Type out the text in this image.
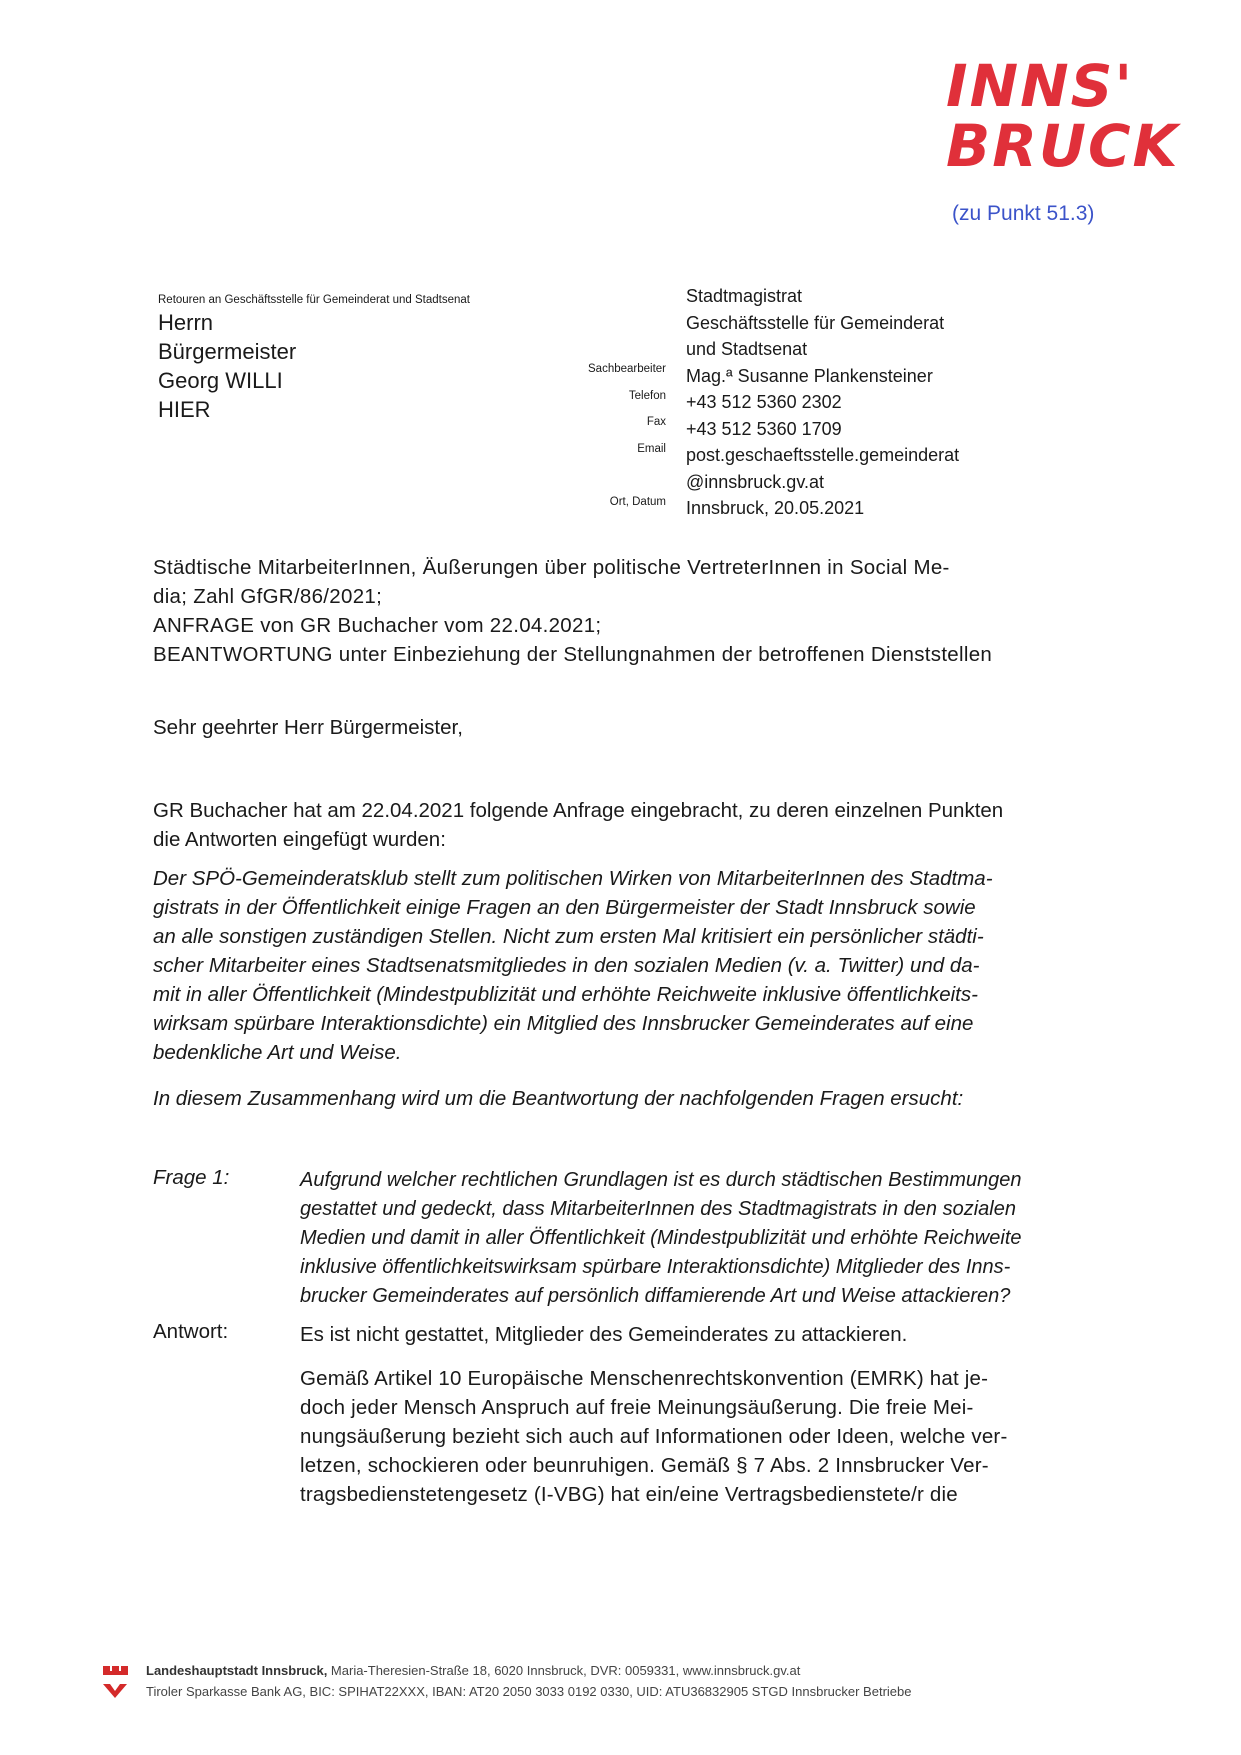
INNS'
BRUCK
(zu Punkt 51.3)
Retouren an Geschäftsstelle für Gemeinderat und Stadtsenat
Herrn
Bürgermeister
Georg WILLI
HIER
Sachbearbeiter
Telefon
Fax
Email

Ort, Datum
Stadtmagistrat
Geschäftsstelle für Gemeinderat
und Stadtsenat
Mag.ª Susanne Plankensteiner
+43 512 5360 2302
+43 512 5360 1709
post.geschaeftsstelle.gemeinderat
@innsbruck.gv.at
Innsbruck, 20.05.2021
Städtische MitarbeiterInnen, Äußerungen über politische VertreterInnen in Social Me-
dia; Zahl GfGR/86/2021;
ANFRAGE von GR Buchacher vom 22.04.2021;
BEANTWORTUNG unter Einbeziehung der Stellungnahmen der betroffenen Dienststellen
Sehr geehrter Herr Bürgermeister,
GR Buchacher hat am 22.04.2021 folgende Anfrage eingebracht, zu deren einzelnen Punkten
die Antworten eingefügt wurden:
Der SPÖ-Gemeinderatsklub stellt zum politischen Wirken von MitarbeiterInnen des Stadtma-
gistrats in der Öffentlichkeit einige Fragen an den Bürgermeister der Stadt Innsbruck sowie
an alle sonstigen zuständigen Stellen. Nicht zum ersten Mal kritisiert ein persönlicher städti-
scher Mitarbeiter eines Stadtsenatsmitgliedes in den sozialen Medien (v. a. Twitter) und da-
mit in aller Öffentlichkeit (Mindestpublizität und erhöhte Reichweite inklusive öffentlichkeits-
wirksam spürbare Interaktionsdichte) ein Mitglied des Innsbrucker Gemeinderates auf eine
bedenkliche Art und Weise.
In diesem Zusammenhang wird um die Beantwortung der nachfolgenden Fragen ersucht:
Frage 1:	Aufgrund welcher rechtlichen Grundlagen ist es durch städtischen Bestimmungen
gestattet und gedeckt, dass MitarbeiterInnen des Stadtmagistrats in den sozialen
Medien und damit in aller Öffentlichkeit (Mindestpublizität und erhöhte Reichweite
inklusive öffentlichkeitswirksam spürbare Interaktionsdichte) Mitglieder des Inns-
brucker Gemeinderates auf persönlich diffamierende Art und Weise attackieren?
Antwort:	Es ist nicht gestattet, Mitglieder des Gemeinderates zu attackieren.
Gemäß Artikel 10 Europäische Menschenrechtskonvention (EMRK) hat je-
doch jeder Mensch Anspruch auf freie Meinungsäußerung. Die freie Mei-
nungsäußerung bezieht sich auch auf Informationen oder Ideen, welche ver-
letzen, schockieren oder beunruhigen. Gemäß § 7 Abs. 2 Innsbrucker Ver-
tragsbedienstetengesetz (I-VBG) hat ein/eine Vertragsbedienstete/r die
Landeshauptstadt Innsbruck, Maria-Theresien-Straße 18, 6020 Innsbruck, DVR: 0059331, www.innsbruck.gv.at
Tiroler Sparkasse Bank AG, BIC: SPIHAT22XXX, IBAN: AT20 2050 3033 0192 0330, UID: ATU36832905 STGD Innsbrucker Betriebe
